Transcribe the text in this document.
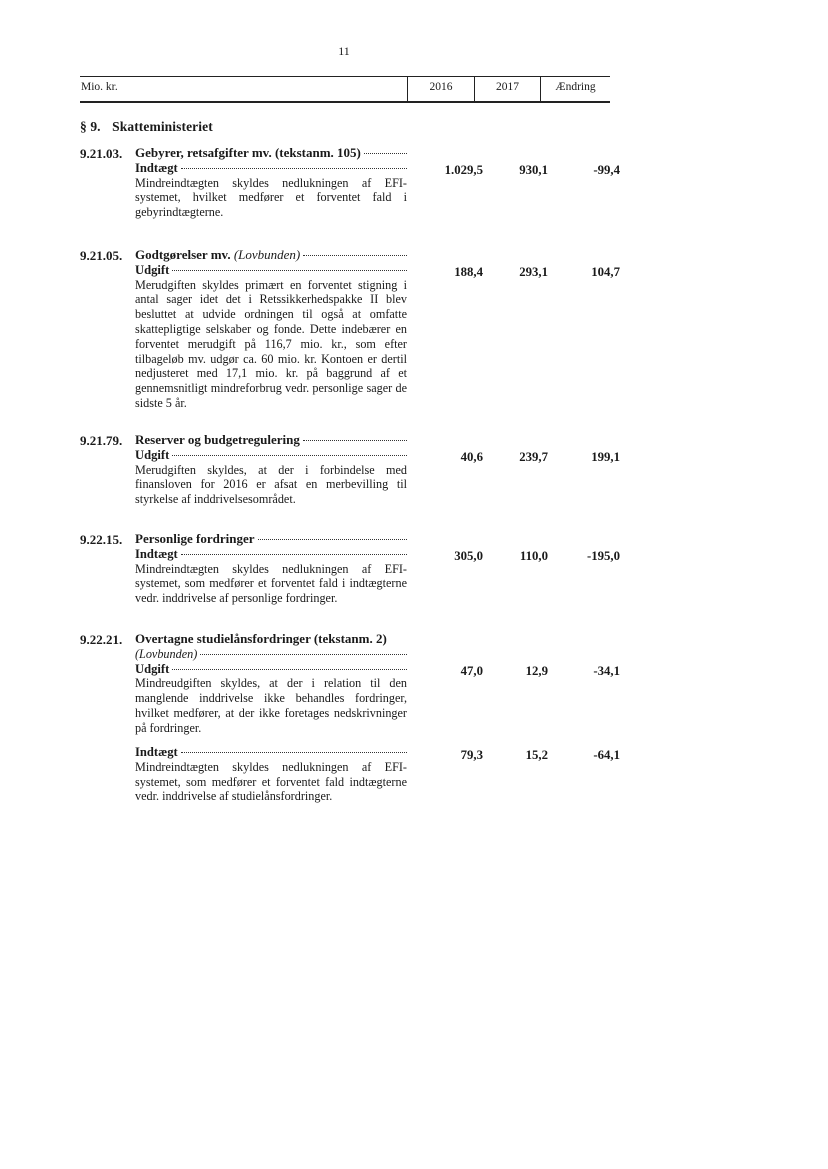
11
Mio. kr.	2016	2017	Ændring
§ 9. Skatteministeriet
9.21.03. Gebyrer, retsafgifter mv. (tekstanm. 105)
Indtægt
Mindreindtægten skyldes nedlukningen af EFI-systemet, hvilket medfører et forventet fald i gebyrindtægterne.
1.029,5	930,1	-99,4
9.21.05. Godtgørelser mv.
(Lovbunden)
Udgift
Merudgiften skyldes primært en forventet stigning i antal sager idet det i Retssikkerhedspakke II blev besluttet at udvide ordningen til også at omfatte skattepligtige selskaber og fonde. Dette indebærer en forventet merudgift på 116,7 mio. kr., som efter tilbageløb mv. udgør ca. 60 mio. kr. Kontoen er dertil nedjusteret med 17,1 mio. kr. på baggrund af et gennemsnitligt mindreforbrug vedr. personlige sager de sidste 5 år.
188,4	293,1	104,7
9.21.79. Reserver og budgetregulering
Udgift
Merudgiften skyldes, at der i forbindelse med finansloven for 2016 er afsat en merbevilling til styrkelse af inddrivelsesområdet.
40,6	239,7	199,1
9.22.15. Personlige fordringer
Indtægt
Mindreindtægten skyldes nedlukningen af EFI-systemet, som medfører et forventet fald i indtægterne vedr. inddrivelse af personlige fordringer.
305,0	110,0	-195,0
9.22.21. Overtagne studielånsfordringer (tekstanm. 2)
(Lovbunden)
Udgift
Mindreudgiften skyldes, at der i relation til den manglende inddrivelse ikke behandles fordringer, hvilket medfører, at der ikke foretages nedskrivninger på fordringer.
47,0	12,9	-34,1
Indtægt
Mindreindtægten skyldes nedlukningen af EFI-systemet, som medfører et forventet fald indtægterne vedr. inddrivelse af studielånsfordringer.
79,3	15,2	-64,1
